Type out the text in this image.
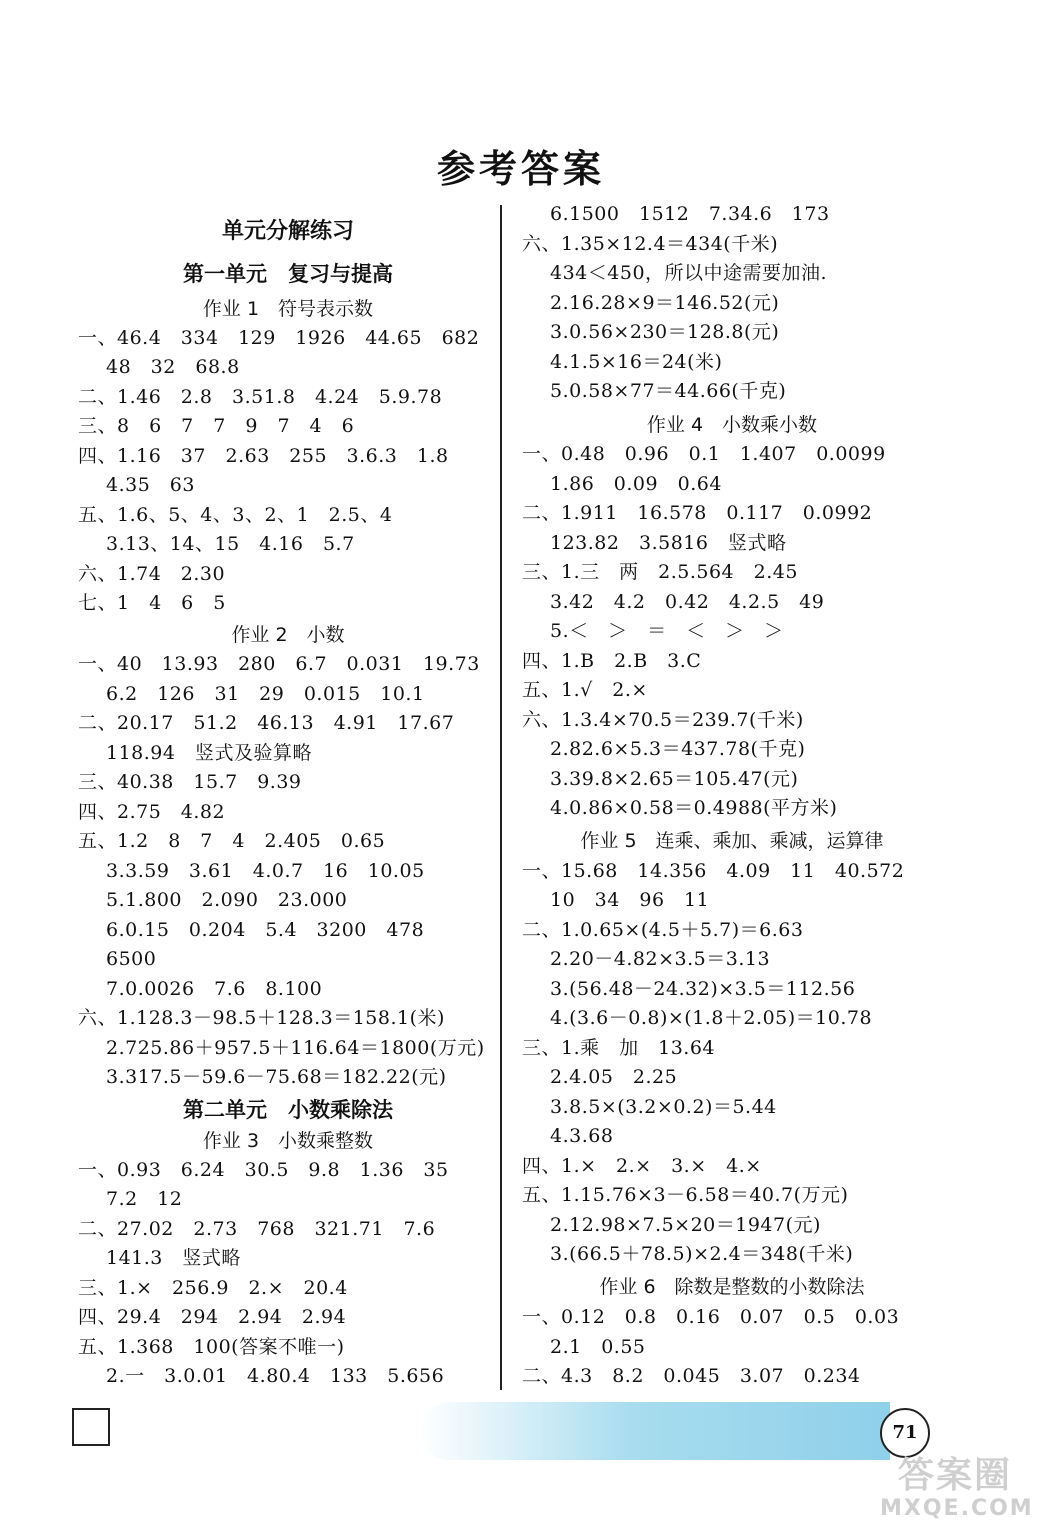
参考答案
单元分解练习
第一单元　复习与提高
作业 1　符号表示数
一、46.4　334　129　1926　44.65　682
48　32　68.8
二、1.46　2.8　3.51.8　4.24　5.9.78
三、8　6　7　7　9　7　4　6
四、1.16　37　2.63　255　3.6.3　1.8
4.35　63
五、1.6、5、4、3、2、1　2.5、4
3.13、14、15　4.16　5.7
六、1.74　2.30
七、1　4　6　5
作业 2　小数
一、40　13.93　280　6.7　0.031　19.73
6.2　126　31　29　0.015　10.1
二、20.17　51.2　46.13　4.91　17.67
118.94　竖式及验算略
三、40.38　15.7　9.39
四、2.75　4.82
五、1.2　8　7　4　2.405　0.65
3.3.59　3.61　4.0.7　16　10.05
5.1.800　2.090　23.000
6.0.15　0.204　5.4　3200　478
6500
7.0.0026　7.6　8.100
六、1.128.3－98.5＋128.3＝158.1(米)
2.725.86＋957.5＋116.64＝1800(万元)
3.317.5－59.6－75.68＝182.22(元)
第二单元　小数乘除法
作业 3　小数乘整数
一、0.93　6.24　30.5　9.8　1.36　35
7.2　12
二、27.02　2.73　768　321.71　7.6
141.3　竖式略
三、1.×　256.9　2.×　20.4
四、29.4　294　2.94　2.94
五、1.368　100(答案不唯一)
2.一　3.0.01　4.80.4　133　5.656
6.1500　1512　7.34.6　173
六、1.35×12.4＝434(千米)
434＜450，所以中途需要加油.
2.16.28×9＝146.52(元)
3.0.56×230＝128.8(元)
4.1.5×16＝24(米)
5.0.58×77＝44.66(千克)
作业 4　小数乘小数
一、0.48　0.96　0.1　1.407　0.0099
1.86　0.09　0.64
二、1.911　16.578　0.117　0.0992
123.82　3.5816　竖式略
三、1.三　两　2.5.564　2.45
3.42　4.2　0.42　4.2.5　49
5.＜　＞　＝　＜　＞　＞
四、1.B　2.B　3.C
五、1.√　2.×
六、1.3.4×70.5＝239.7(千米)
2.82.6×5.3＝437.78(千克)
3.39.8×2.65＝105.47(元)
4.0.86×0.58＝0.4988(平方米)
作业 5　连乘、乘加、乘减，运算律
一、15.68　14.356　4.09　11　40.572
10　34　96　11
二、1.0.65×(4.5＋5.7)＝6.63
2.20－4.82×3.5＝3.13
3.(56.48－24.32)×3.5＝112.56
4.(3.6－0.8)×(1.8＋2.05)＝10.78
三、1.乘　加　13.64
2.4.05　2.25
3.8.5×(3.2×0.2)＝5.44
4.3.68
四、1.×　2.×　3.×　4.×
五、1.15.76×3－6.58＝40.7(万元)
2.12.98×7.5×20＝1947(元)
3.(66.5＋78.5)×2.4＝348(千米)
作业 6　除数是整数的小数除法
一、0.12　0.8　0.16　0.07　0.5　0.03
2.1　0.55
二、4.3　8.2　0.045　3.07　0.234
71
答案圈
MXQE.COM
